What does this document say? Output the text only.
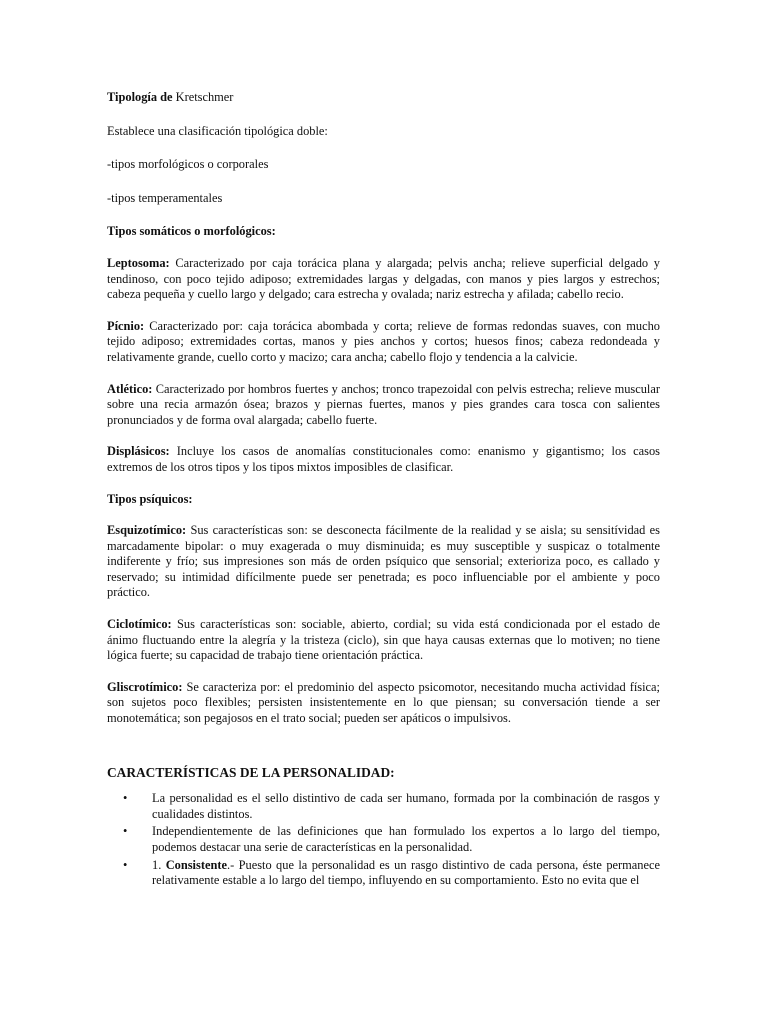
Tipología de Kretschmer

Establece una clasificación tipológica doble:

-tipos morfológicos o corporales

-tipos temperamentales

Tipos somáticos o morfológicos:

Leptosoma: Caracterizado por caja torácica plana y alargada; pelvis ancha; relieve superficial delgado y tendinoso, con poco tejido adiposo; extremidades largas y delgadas, con manos y pies largos y estrechos; cabeza pequeña y cuello largo y delgado; cara estrecha y ovalada; nariz estrecha y afilada; cabello recio.

Pícnio: Caracterizado por: caja torácica abombada y corta; relieve de formas redondas suaves, con mucho tejido adiposo; extremidades cortas, manos y pies anchos y cortos; huesos finos; cabeza redondeada y relativamente grande, cuello corto y macizo; cara ancha; cabello flojo y tendencia a la calvicie.

Atlético: Caracterizado por hombros fuertes y anchos; tronco trapezoidal con pelvis estrecha; relieve muscular sobre una recia armazón ósea; brazos y piernas fuertes, manos y pies grandes cara tosca con salientes pronunciados y de forma oval alargada; cabello fuerte.

Displásicos: Incluye los casos de anomalías constitucionales como: enanismo y gigantismo; los casos extremos de los otros tipos y los tipos mixtos imposibles de clasificar.

Tipos psíquicos:

Esquizotímico: Sus características son: se desconecta fácilmente de la realidad y se aisla; su sensitívidad es marcadamente bipolar: o muy exagerada o muy disminuida; es muy susceptible y suspicaz o totalmente indiferente y frío; sus impresiones son más de orden psíquico que sensorial; exterioriza poco, es callado y reservado; su intimidad difícilmente puede ser penetrada; es poco influenciable por el ambiente y poco práctico.

Ciclotímico: Sus características son: sociable, abierto, cordial; su vida está condicionada por el estado de ánimo fluctuando entre la alegría y la tristeza (ciclo), sin que haya causas externas que lo motiven; no tiene lógica fuerte; su capacidad de trabajo tiene orientación práctica.

Gliscrotímico: Se caracteriza por: el predominio del aspecto psicomotor, necesitando mucha actividad física; son sujetos poco flexibles; persisten insistentemente en lo que piensan; su conversación tiende a ser monotemática; son pegajosos en el trato social; pueden ser apáticos o impulsivos.

CARACTERÍSTICAS DE LA PERSONALIDAD:

• La personalidad es el sello distintivo de cada ser humano, formada por la combinación de rasgos y cualidades distintos.
• Independientemente de las definiciones que han formulado los expertos a lo largo del tiempo, podemos destacar una serie de características en la personalidad.
• 1. Consistente.- Puesto que la personalidad es un rasgo distintivo de cada persona, éste permanece relativamente estable a lo largo del tiempo, influyendo en su comportamiento. Esto no evita que el
